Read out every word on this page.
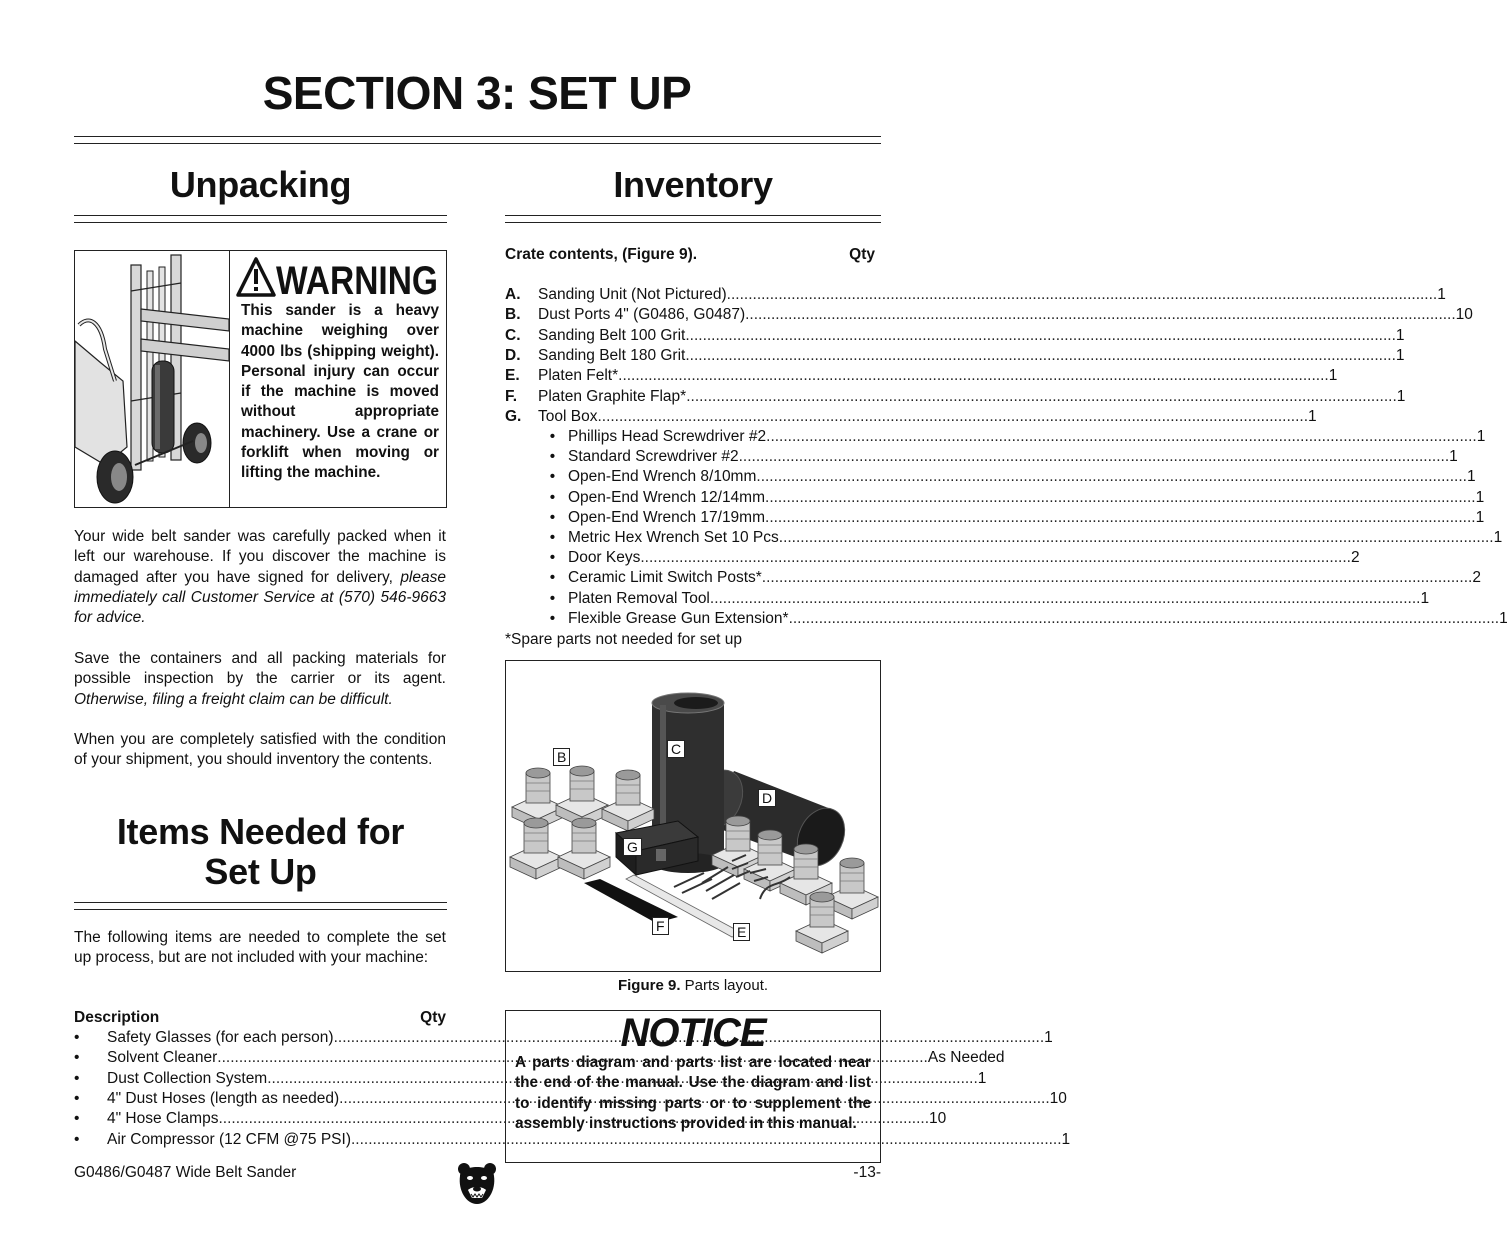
SECTION 3: SET UP
Unpacking
WARNING
This sander is a heavy machine weighing over 4000 lbs (shipping weight). Personal injury can occur if the machine is moved without appropriate machinery. Use a crane or forklift when moving or lifting the machine.
Your wide belt sander was carefully packed when it left our warehouse. If you discover the machine is damaged after you have signed for delivery, please immediately call Customer Service at (570) 546-9663 for advice.
Save the containers and all packing materials for possible inspection by the carrier or its agent. Otherwise, filing a freight claim can be difficult.
When you are completely satisfied with the condition of your shipment, you should inventory the contents.
Items Needed for
Set Up
The following items are needed to complete the set up process, but are not included with your machine:
Description	Qty
•	Safety Glasses (for each person) .....	1
•	Solvent Cleaner .....	As Needed
•	Dust Collection System .....	1
•	4" Dust Hoses (length as needed) .....	10
•	4" Hose Clamps .....	10
•	Air Compressor (12 CFM @75 PSI) .....	1
Inventory
Crate contents, (Figure 9).	Qty
A.	Sanding Unit (Not Pictured) .....	1
B.	Dust Ports 4" (G0486, G0487) .....	10
C.	Sanding Belt 100 Grit .....	1
D.	Sanding Belt 180 Grit .....	1
E.	Platen Felt* .....	1
F.	Platen Graphite Flap* .....	1
G.	Tool Box .....	1
• Phillips Head Screwdriver #2 .....	1
• Standard Screwdriver #2 .....	1
• Open-End Wrench 8/10mm .....	1
• Open-End Wrench 12/14mm .....	1
• Open-End Wrench 17/19mm .....	1
• Metric Hex Wrench Set 10 Pcs. .....	1
• Door Keys .....	2
• Ceramic Limit Switch Posts* .....	2
• Platen Removal Tool .....	1
• Flexible Grease Gun Extension* .....	1
*Spare parts not needed for set up
B	C
D
G
F	E
Figure 9. Parts layout.
NOTICE
A parts diagram and parts list are located near the end of the manual. Use the diagram and list to identify missing parts or to supplement the assembly instructions provided in this manual.
G0486/G0487 Wide Belt Sander	-13-
